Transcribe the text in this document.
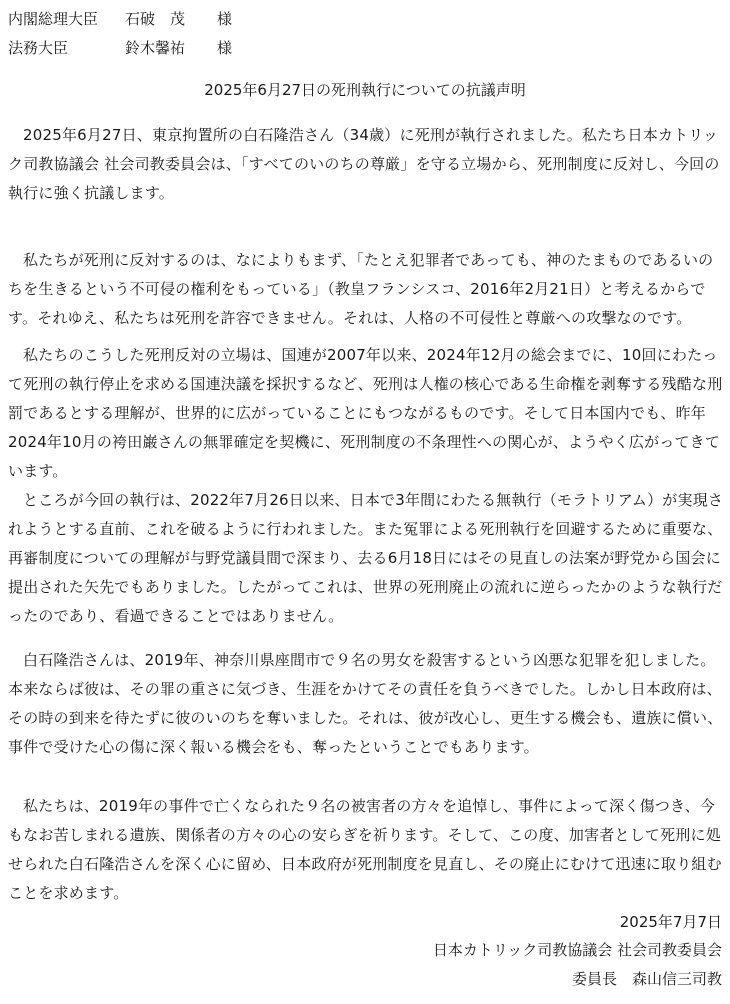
内閣総理大臣 石破　茂 様
法務大臣	鈴木馨祐 様
2025年6月27日の死刑執行についての抗議声明

2025年6月27日、東京拘置所の白石隆浩さん（34歳）に死刑が執行されました。私たち日本カトリック司教協議会 社会司教委員会は、「すべてのいのちの尊厳」を守る立場から、死刑制度に反対し、今回の執行に強く抗議します。

私たちが死刑に反対するのは、なによりもまず、「たとえ犯罪者であっても、神のたまものであるいのちを生きるという不可侵の権利をもっている」（教皇フランシスコ、2016年2月21日）と考えるからです。それゆえ、私たちは死刑を許容できません。それは、人格の不可侵性と尊厳への攻撃なのです。

私たちのこうした死刑反対の立場は、国連が2007年以来、2024年12月の総会までに、10回にわたって死刑の執行停止を求める国連決議を採択するなど、死刑は人権の核心である生命権を剥奪する残酷な刑罰であるとする理解が、世界的に広がっていることにもつながるものです。そして日本国内でも、昨年2024年10月の袴田巌さんの無罪確定を契機に、死刑制度の不条理性への関心が、ようやく広がってきています。

ところが今回の執行は、2022年7月26日以来、日本で3年間にわたる無執行（モラトリアム）が実現されようとする直前、これを破るように行われました。また冤罪による死刑執行を回避するために重要な、再審制度についての理解が与野党議員間で深まり、去る6月18日にはその見直しの法案が野党から国会に提出された矢先でもありました。したがってこれは、世界の死刑廃止の流れに逆らったかのような執行だったのであり、看過できることではありません。

白石隆浩さんは、2019年、神奈川県座間市で９名の男女を殺害するという凶悪な犯罪を犯しました。本来ならば彼は、その罪の重さに気づき、生涯をかけてその責任を負うべきでした。しかし日本政府は、その時の到来を待たずに彼のいのちを奪いました。それは、彼が改心し、更生する機会も、遺族に償い、事件で受けた心の傷に深く報いる機会をも、奪ったということでもあります。

私たちは、2019年の事件で亡くなられた９名の被害者の方々を追悼し、事件によって深く傷つき、今もなお苦しまれる遺族、関係者の方々の心の安らぎを祈ります。そして、この度、加害者として死刑に処せられた白石隆浩さんを深く心に留め、日本政府が死刑制度を見直し、その廃止にむけて迅速に取り組むことを求めます。

2025年7月7日
日本カトリック司教協議会 社会司教委員会
委員長　森山信三司教
